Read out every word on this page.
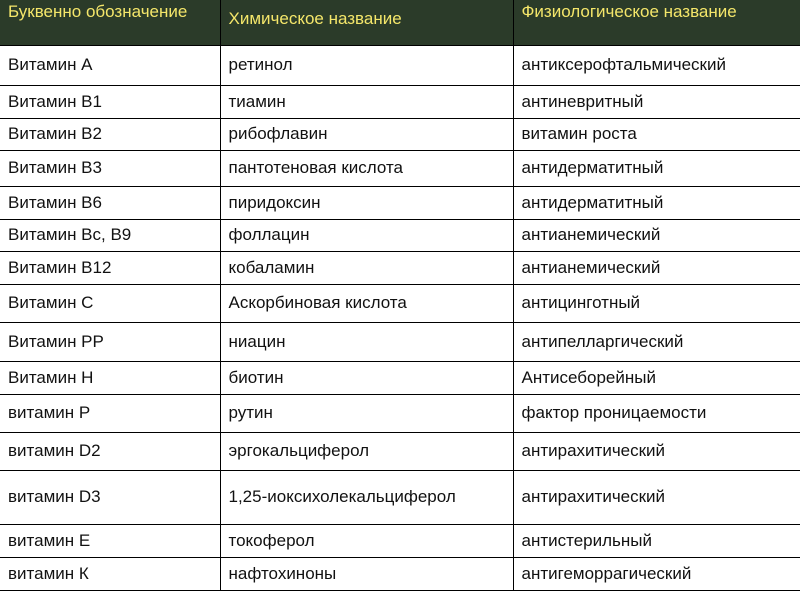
Буквенно обозначение	Химическое название	Физиологическое название
Витамин А	ретинол	антиксерофтальмический
Витамин В1	тиамин	антиневритный
Витамин В2	рибофлавин	витамин роста
Витамин В3	пантотеновая кислота	антидерматитный
Витамин В6	пиридоксин	антидерматитный
Витамин Вс, В9	фоллацин	антианемический
Витамин В12	кобаламин	антианемический
Витамин С	Аскорбиновая кислота	антицинготный
Витамин РР	ниацин	антипелларгический
Витамин Н	биотин	Антисеборейный
витамин Р	рутин	фактор проницаемости
витамин D2	эргокальциферол	антирахитический
витамин D3	1,25-иоксихолекальциферол	антирахитический
витамин Е	токоферол	антистерильный
витамин К	нафтохиноны	антигеморрагический
